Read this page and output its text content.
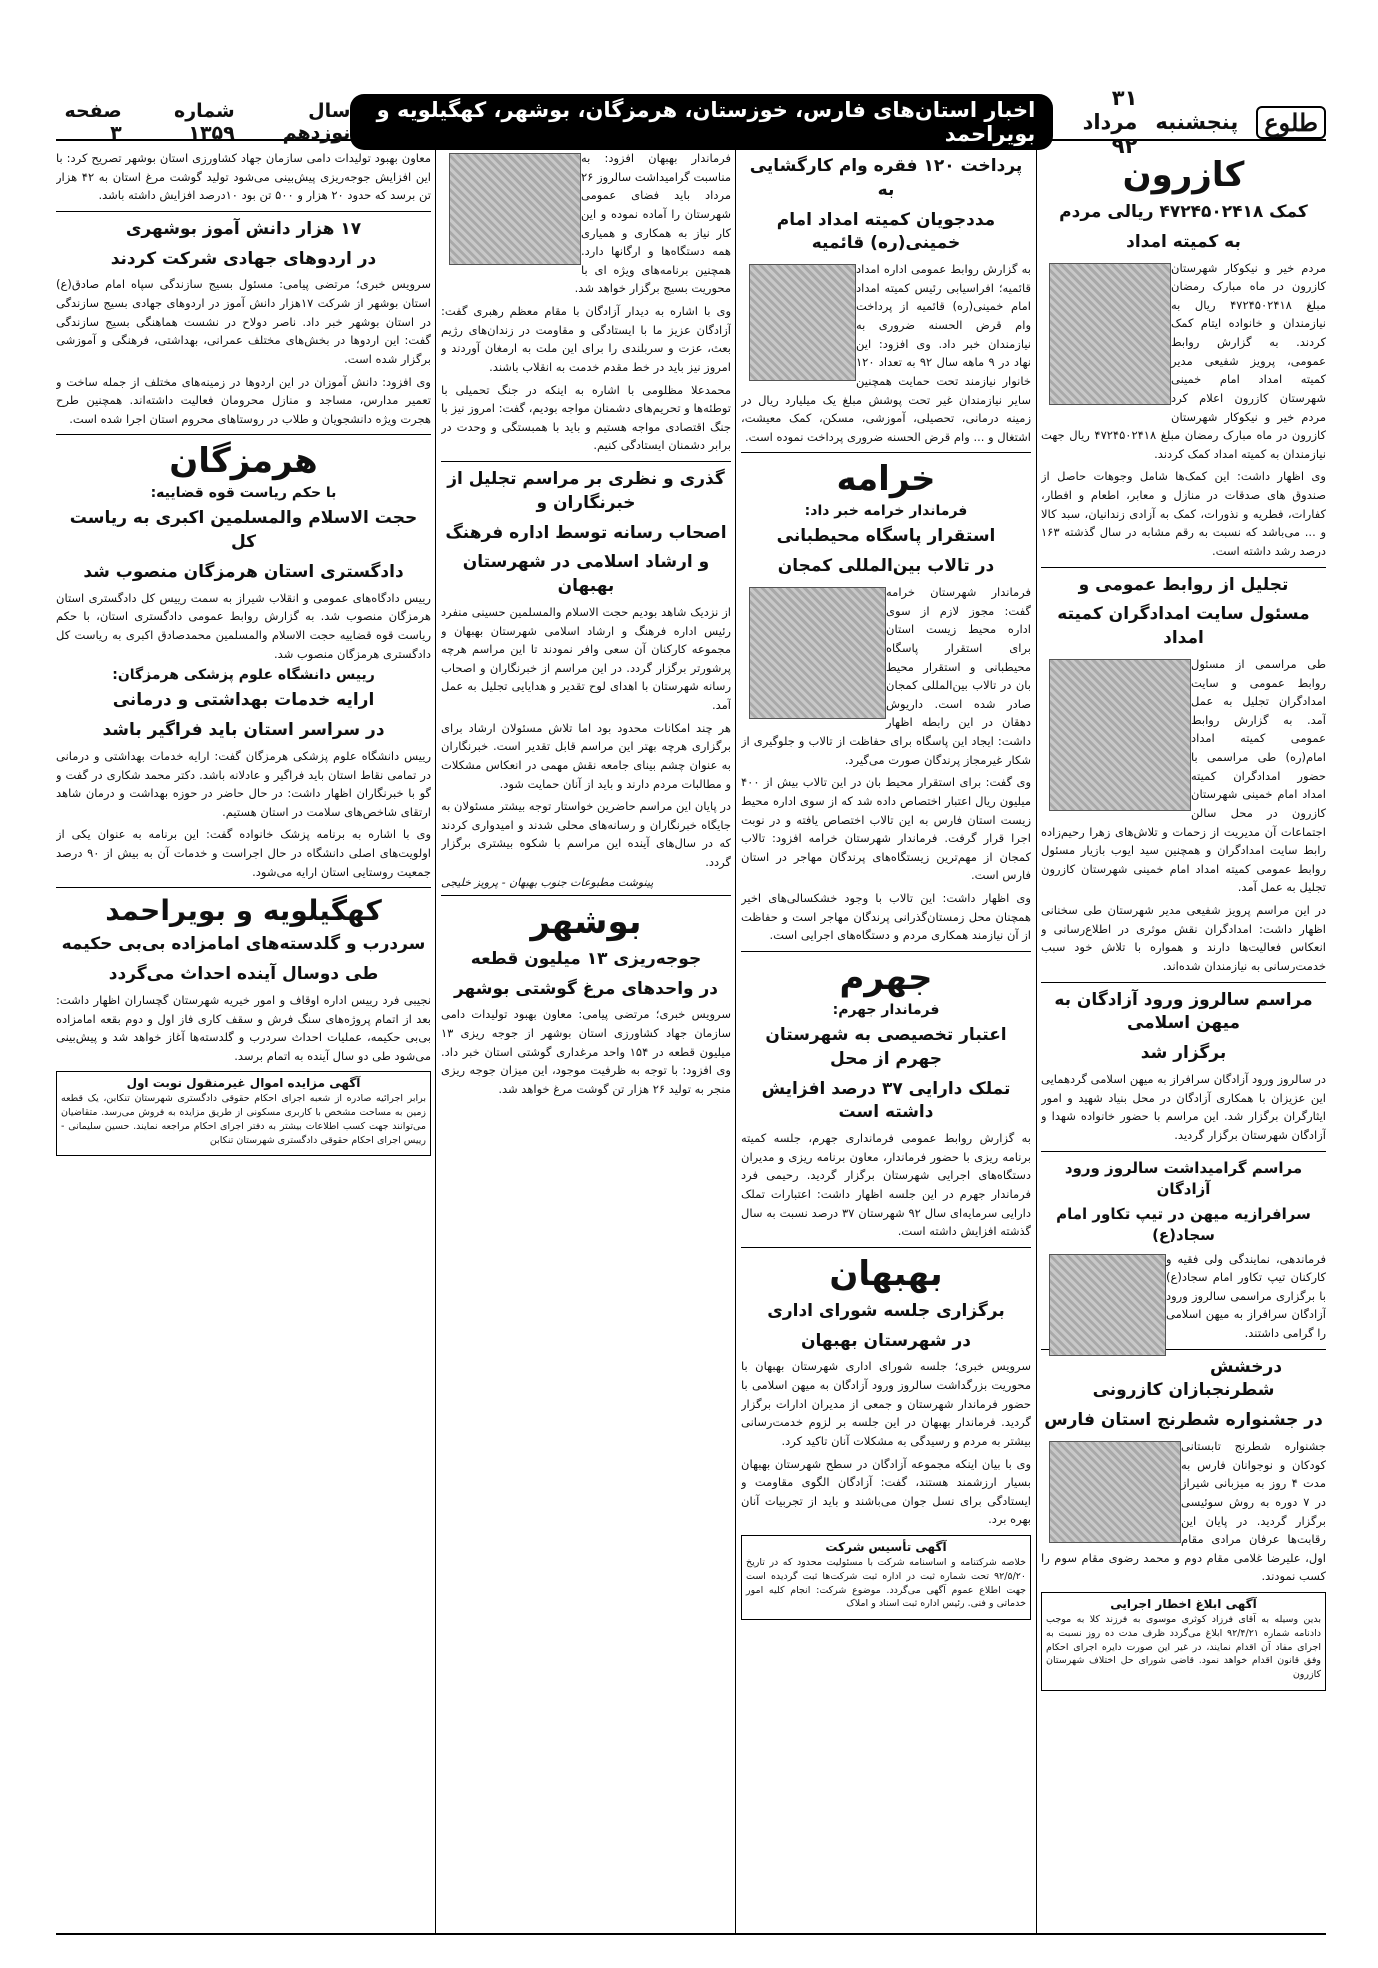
طلوع
پنجشنبه
۳۱ مرداد ۹۲
اخبار استان‌های فارس، خوزستان، هرمزگان، بوشهر، کهگیلویه و بویراحمد
سال نوزدهم
شماره ۱۳۵۹
صفحه ۳
کازرون
کمک ۴۷۲۴۵۰۲۴۱۸ ریالی مردم
به کمیته امداد

مردم خیر و نیکوکار شهرستان کازرون در ماه مبارک رمضان مبلغ ۴۷۲۴۵۰۲۴۱۸ ریال به نیازمندان و خانواده ایتام کمک کردند. به گزارش روابط عمومی، پرویز شفیعی مدیر کمیته امداد امام خمینی شهرستان کازرون اعلام کرد مردم خیر و نیکوکار شهرستان کازرون در ماه مبارک رمضان مبلغ ۴۷۲۴۵۰۲۴۱۸ ریال جهت نیازمندان به کمیته امداد کمک کردند.

وی اظهار داشت: این کمک‌ها شامل وجوهات حاصل از صندوق های صدقات در منازل و معابر، اطعام و افطار، کفارات، فطریه و نذورات، کمک به آزادی زندانیان، سبد کالا و ... می‌باشد که نسبت به رقم مشابه در سال گذشته ۱۶۳ درصد رشد داشته است.

تجلیل از روابط عمومی و
مسئول سایت امدادگران کمیته امداد

طی مراسمی از مسئول روابط عمومی و سایت امدادگران تجلیل به عمل آمد. به گزارش روابط عمومی کمیته امداد امام(ره) طی مراسمی با حضور امدادگران کمیته امداد امام خمینی شهرستان کازرون در محل سالن اجتماعات آن مدیریت از زحمات و تلاش‌های زهرا رحیم‌زاده رابط سایت امدادگران و همچنین سید ایوب بازیار مسئول روابط عمومی کمیته امداد امام خمینی شهرستان کازرون تجلیل به عمل آمد.

در این مراسم پرویز شفیعی مدیر شهرستان طی سخنانی اظهار داشت: امدادگران نقش موثری در اطلاع‌رسانی و انعکاس فعالیت‌ها دارند و همواره با تلاش خود سبب خدمت‌رسانی به نیازمندان شده‌اند.

مراسم سالروز ورود آزادگان به میهن اسلامی
برگزار شد

در سالروز ورود آزادگان سرافراز به میهن اسلامی گردهمایی این عزیزان با همکاری آزادگان در محل بنیاد شهید و امور ایثارگران برگزار شد. این مراسم با حضور خانواده شهدا و آزادگان شهرستان برگزار گردید.

مراسم گرامیداشت سالروز ورود آزادگان
سرافرازیه میهن در تیپ تکاور امام سجاد(ع)

فرماندهی، نمایندگی ولی فقیه و کارکنان تیپ تکاور امام سجاد(ع) با برگزاری مراسمی سالروز ورود آزادگان سرافراز به میهن اسلامی را گرامی داشتند.

درخشش شطرنجبازان کازرونی
در جشنواره شطرنج استان فارس

جشنواره شطرنج تابستانی کودکان و نوجوانان فارس به مدت ۴ روز به میزبانی شیراز در ۷ دوره به روش سوئیسی برگزار گردید. در پایان این رقابت‌ها عرفان مرادی مقام اول، علیرضا غلامی مقام دوم و محمد رضوی مقام سوم را کسب نمودند.

آگهی ابلاغ اخطار اجرایی

بدین وسیله به آقای فرزاد کوثری موسوی به فرزند کلا به موجب دادنامه شماره ۹۲/۴/۲۱ ابلاغ می‌گردد ظرف مدت ده روز نسبت به اجرای مفاد آن اقدام نمایند، در غیر این صورت دایره اجرای احکام وفق قانون اقدام خواهد نمود. قاضی شورای حل اختلاف شهرستان کازرون

پرداخت ۱۲۰ فقره وام کارگشایی به
مددجویان کمیته امداد امام خمینی(ره) قائمیه

به گزارش روابط عمومی اداره امداد قائمیه؛ افراسیابی رئیس کمیته امداد امام خمینی(ره) قائمیه از پرداخت وام قرض الحسنه ضروری به نیازمندان خبر داد. وی افزود: این نهاد در ۹ ماهه سال ۹۲ به تعداد ۱۲۰ خانوار نیازمند تحت حمایت همچنین سایر نیازمندان غیر تحت پوشش مبلغ یک میلیارد ریال در زمینه درمانی، تحصیلی، آموزشی، مسکن، کمک معیشت، اشتغال و ... وام قرض الحسنه ضروری پرداخت نموده است.

خرامه
فرماندار خرامه خبر داد:
استقرار پاسگاه محیطبانی
در تالاب بین‌المللی کمجان

فرماندار شهرستان خرامه گفت: مجوز لازم از سوی اداره محیط زیست استان برای استقرار پاسگاه محیطبانی و استقرار محیط بان در تالاب بین‌المللی کمجان صادر شده است. داریوش دهقان در این رابطه اظهار داشت: ایجاد این پاسگاه برای حفاظت از تالاب و جلوگیری از شکار غیرمجاز پرندگان صورت می‌گیرد.

وی گفت: برای استقرار محیط بان در این تالاب بیش از ۴۰۰ میلیون ریال اعتبار اختصاص داده شد که از سوی اداره محیط زیست استان فارس به این تالاب اختصاص یافته و در نوبت اجرا قرار گرفت. فرماندار شهرستان خرامه افزود: تالاب کمجان از مهم‌ترین زیستگاه‌های پرندگان مهاجر در استان فارس است.

وی اظهار داشت: این تالاب با وجود خشکسالی‌های اخیر همچنان محل زمستان‌گذرانی پرندگان مهاجر است و حفاظت از آن نیازمند همکاری مردم و دستگاه‌های اجرایی است.

جهرم
فرماندار جهرم:
اعتبار تخصیصی به شهرستان جهرم از محل
تملک دارایی ۳۷ درصد افزایش داشته است

به گزارش روابط عمومی فرمانداری جهرم، جلسه کمیته برنامه ریزی با حضور فرماندار، معاون برنامه ریزی و مدیران دستگاه‌های اجرایی شهرستان برگزار گردید. رحیمی فرد فرماندار جهرم در این جلسه اظهار داشت: اعتبارات تملک دارایی سرمایه‌ای سال ۹۲ شهرستان ۳۷ درصد نسبت به سال گذشته افزایش داشته است.

بهبهان
برگزاری جلسه شورای اداری
در شهرستان بهبهان

سرویس خبری؛ جلسه شورای اداری شهرستان بهبهان با محوریت بزرگداشت سالروز ورود آزادگان به میهن اسلامی با حضور فرماندار شهرستان و جمعی از مدیران ادارات برگزار گردید. فرماندار بهبهان در این جلسه بر لزوم خدمت‌رسانی بیشتر به مردم و رسیدگی به مشکلات آنان تاکید کرد.

وی با بیان اینکه مجموعه آزادگان در سطح شهرستان بهبهان بسیار ارزشمند هستند، گفت: آزادگان الگوی مقاومت و ایستادگی برای نسل جوان می‌باشند و باید از تجربیات آنان بهره برد.

آگهی تأسیس شرکت

خلاصه شرکتنامه و اساسنامه شرکت با مسئولیت محدود که در تاریخ ۹۲/۵/۲۰ تحت شماره ثبت در اداره ثبت شرکت‌ها ثبت گردیده است جهت اطلاع عموم آگهی می‌گردد. موضوع شرکت: انجام کلیه امور خدماتی و فنی. رئیس اداره ثبت اسناد و املاک

فرماندار بهبهان افزود: به مناسبت گرامیداشت سالروز ۲۶ مرداد باید فضای عمومی شهرستان را آماده نموده و این کار نیاز به همکاری و همیاری همه دستگاه‌ها و ارگانها دارد. همچنین برنامه‌های ویژه ای با محوریت بسیج برگزار خواهد شد.

وی با اشاره به دیدار آزادگان با مقام معظم رهبری گفت: آزادگان عزیز ما با ایستادگی و مقاومت در زندان‌های رژیم بعث، عزت و سربلندی را برای این ملت به ارمغان آوردند و امروز نیز باید در خط مقدم خدمت به انقلاب باشند.

محمدعلا مظلومی با اشاره به اینکه در جنگ تحمیلی با توطئه‌ها و تحریم‌های دشمنان مواجه بودیم، گفت: امروز نیز با جنگ اقتصادی مواجه هستیم و باید با همبستگی و وحدت در برابر دشمنان ایستادگی کنیم.

گذری و نظری بر مراسم تجلیل از خبرنگاران و
اصحاب رسانه توسط اداره فرهنگ
و ارشاد اسلامی در شهرستان بهبهان

از نزدیک شاهد بودیم حجت الاسلام والمسلمین حسینی منفرد رئیس اداره فرهنگ و ارشاد اسلامی شهرستان بهبهان و مجموعه کارکنان آن سعی وافر نمودند تا این مراسم هرچه پرشورتر برگزار گردد. در این مراسم از خبرنگاران و اصحاب رسانه شهرستان با اهدای لوح تقدیر و هدایایی تجلیل به عمل آمد.

هر چند امکانات محدود بود اما تلاش مسئولان ارشاد برای برگزاری هرچه بهتر این مراسم قابل تقدیر است. خبرنگاران به عنوان چشم بینای جامعه نقش مهمی در انعکاس مشکلات و مطالبات مردم دارند و باید از آنان حمایت شود.

در پایان این مراسم حاضرین خواستار توجه بیشتر مسئولان به جایگاه خبرنگاران و رسانه‌های محلی شدند و امیدواری کردند که در سال‌های آینده این مراسم با شکوه بیشتری برگزار گردد.

پینوشت مطبوعات جنوب بهبهان - پرویز خلیجی
بوشهر
جوجه‌ریزی ۱۳ میلیون قطعه
در واحدهای مرغ گوشتی بوشهر

سرویس خبری؛ مرتضی پیامی: معاون بهبود تولیدات دامی سازمان جهاد کشاورزی استان بوشهر از جوجه ریزی ۱۳ میلیون قطعه در ۱۵۴ واحد مرغداری گوشتی استان خبر داد. وی افزود: با توجه به ظرفیت موجود، این میزان جوجه ریزی منجر به تولید ۲۶ هزار تن گوشت مرغ خواهد شد.

معاون بهبود تولیدات دامی سازمان جهاد کشاورزی استان بوشهر تصریح کرد: با این افزایش جوجه‌ریزی پیش‌بینی می‌شود تولید گوشت مرغ استان به ۴۲ هزار تن برسد که حدود ۲۰ هزار و ۵۰۰ تن بود ۱۰درصد افزایش داشته باشد.

۱۷ هزار دانش آموز بوشهری
در اردوهای جهادی شرکت کردند

سرویس خبری؛ مرتضی پیامی: مسئول بسیج سازندگی سپاه امام صادق(ع) استان بوشهر از شرکت ۱۷هزار دانش آموز در اردوهای جهادی بسیج سازندگی در استان بوشهر خبر داد. ناصر دولاح در نشست هماهنگی بسیج سازندگی گفت: این اردوها در بخش‌های مختلف عمرانی، بهداشتی، فرهنگی و آموزشی برگزار شده است.

وی افزود: دانش آموزان در این اردوها در زمینه‌های مختلف از جمله ساخت و تعمیر مدارس، مساجد و منازل محرومان فعالیت داشته‌اند. همچنین طرح هجرت ویژه دانشجویان و طلاب در روستاهای محروم استان اجرا شده است.

هرمزگان
با حکم ریاست قوه قضاییه:
حجت الاسلام والمسلمین اکبری به ریاست کل
دادگستری استان هرمزگان منصوب شد

رییس دادگاه‌های عمومی و انقلاب شیراز به سمت رییس کل دادگستری استان هرمزگان منصوب شد. به گزارش روابط عمومی دادگستری استان، با حکم ریاست قوه قضاییه حجت الاسلام والمسلمین محمدصادق اکبری به ریاست کل دادگستری هرمزگان منصوب شد.

رییس دانشگاه علوم پزشکی هرمزگان:
ارایه خدمات بهداشتی و درمانی
در سراسر استان باید فراگیر باشد

رییس دانشگاه علوم پزشکی هرمزگان گفت: ارایه خدمات بهداشتی و درمانی در تمامی نقاط استان باید فراگیر و عادلانه باشد. دکتر محمد شکاری در گفت و گو با خبرنگاران اظهار داشت: در حال حاضر در حوزه بهداشت و درمان شاهد ارتقای شاخص‌های سلامت در استان هستیم.

وی با اشاره به برنامه پزشک خانواده گفت: این برنامه به عنوان یکی از اولویت‌های اصلی دانشگاه در حال اجراست و خدمات آن به بیش از ۹۰ درصد جمعیت روستایی استان ارایه می‌شود.

کهگیلویه و بویراحمد
سردرب و گلدسته‌های امامزاده بی‌بی حکیمه
طی دوسال آینده احداث می‌گردد

نجیبی فرد رییس اداره اوقاف و امور خیریه شهرستان گچساران اظهار داشت: بعد از اتمام پروژه‌های سنگ فرش و سقف کاری فاز اول و دوم بقعه امامزاده بی‌بی حکیمه، عملیات احداث سردرب و گلدسته‌ها آغاز خواهد شد و پیش‌بینی می‌شود طی دو سال آینده به اتمام برسد.

آگهی مزایده اموال غیرمنقول نوبت اول

برابر اجرائیه صادره از شعبه اجرای احکام حقوقی دادگستری شهرستان تنکابن، یک قطعه زمین به مساحت مشخص با کاربری مسکونی از طریق مزایده به فروش می‌رسد. متقاضیان می‌توانند جهت کسب اطلاعات بیشتر به دفتر اجرای احکام مراجعه نمایند. حسین سلیمانی - رییس اجرای احکام حقوقی دادگستری شهرستان تنکابن
